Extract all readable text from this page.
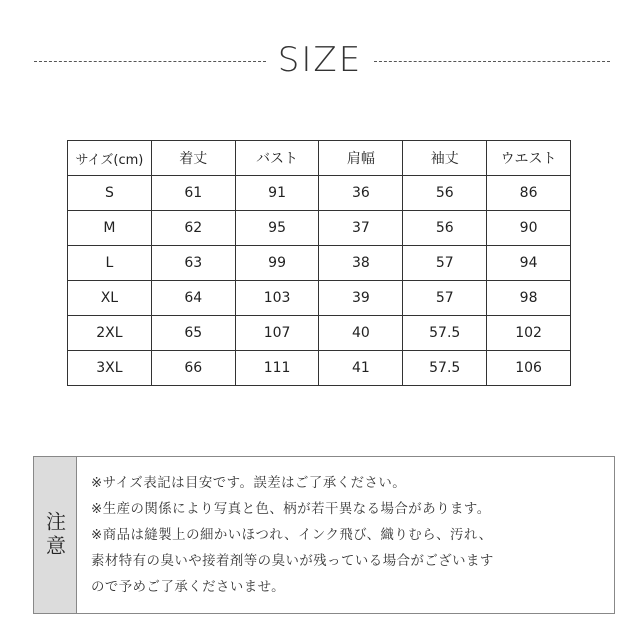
SIZE
サイズ(cm)	着丈	バスト	肩幅	袖丈	ウエスト
S	61	91	36	56	86
M	62	95	37	56	90
L	63	99	38	57	94
XL	64	103	39	57	98
2XL	65	107	40	57.5	102
3XL	66	111	41	57.5	106
注意
※サイズ表記は目安です。誤差はご了承ください。
※生産の関係により写真と色、柄が若干異なる場合があります。
※商品は縫製上の細かいほつれ、インク飛び、織りむら、汚れ、
素材特有の臭いや接着剤等の臭いが残っている場合がございます
ので予めご了承くださいませ。
